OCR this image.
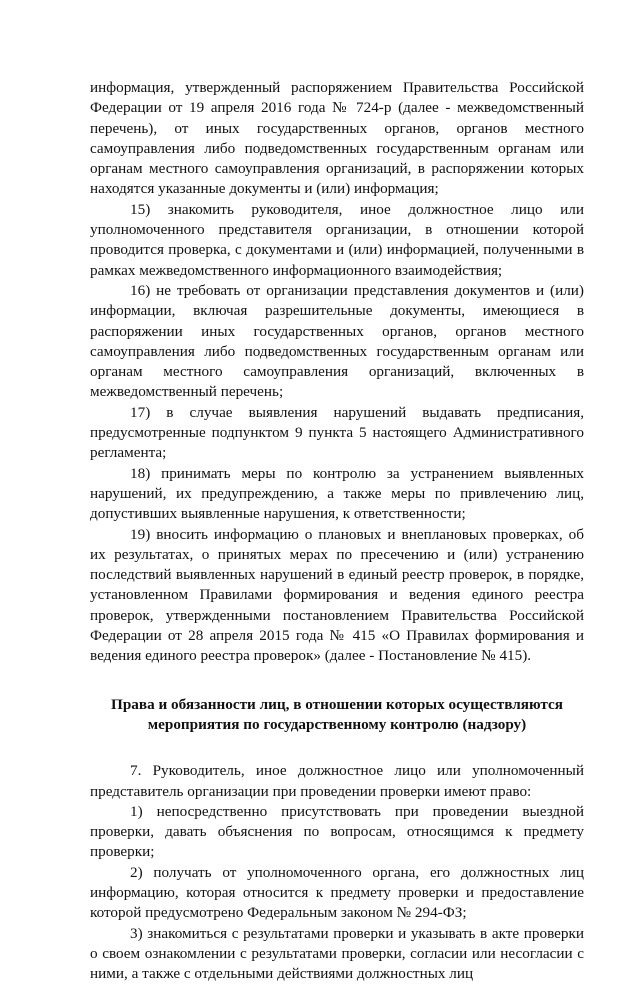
информация, утвержденный распоряжением Правительства Российской Федерации от 19 апреля 2016 года № 724-р (далее - межведомственный перечень), от иных государственных органов, органов местного самоуправления либо подведомственных государственным органам или органам местного самоуправления организаций, в распоряжении которых находятся указанные документы и (или) информация;

15) знакомить руководителя, иное должностное лицо или уполномоченного представителя организации, в отношении которой проводится проверка, с документами и (или) информацией, полученными в рамках межведомственного информационного взаимодействия;

16) не требовать от организации представления документов и (или) информации, включая разрешительные документы, имеющиеся в распоряжении иных государственных органов, органов местного самоуправления либо подведомственных государственным органам или органам местного самоуправления организаций, включенных в межведомственный перечень;

17) в случае выявления нарушений выдавать предписания, предусмотренные подпунктом 9 пункта 5 настоящего Административного регламента;

18) принимать меры по контролю за устранением выявленных нарушений, их предупреждению, а также меры по привлечению лиц, допустивших выявленные нарушения, к ответственности;

19) вносить информацию о плановых и внеплановых проверках, об их результатах, о принятых мерах по пресечению и (или) устранению последствий выявленных нарушений в единый реестр проверок, в порядке, установленном Правилами формирования и ведения единого реестра проверок, утвержденными постановлением Правительства Российской Федерации от 28 апреля 2015 года № 415 «О Правилах формирования и ведения единого реестра проверок» (далее - Постановление № 415).

Права и обязанности лиц, в отношении которых осуществляются мероприятия по государственному контролю (надзору)

7. Руководитель, иное должностное лицо или уполномоченный представитель организации при проведении проверки имеют право:

1) непосредственно присутствовать при проведении выездной проверки, давать объяснения по вопросам, относящимся к предмету проверки;

2) получать от уполномоченного органа, его должностных лиц информацию, которая относится к предмету проверки и предоставление которой предусмотрено Федеральным законом № 294-ФЗ;

3) знакомиться с результатами проверки и указывать в акте проверки о своем ознакомлении с результатами проверки, согласии или несогласии с ними, а также с отдельными действиями должностных лиц
